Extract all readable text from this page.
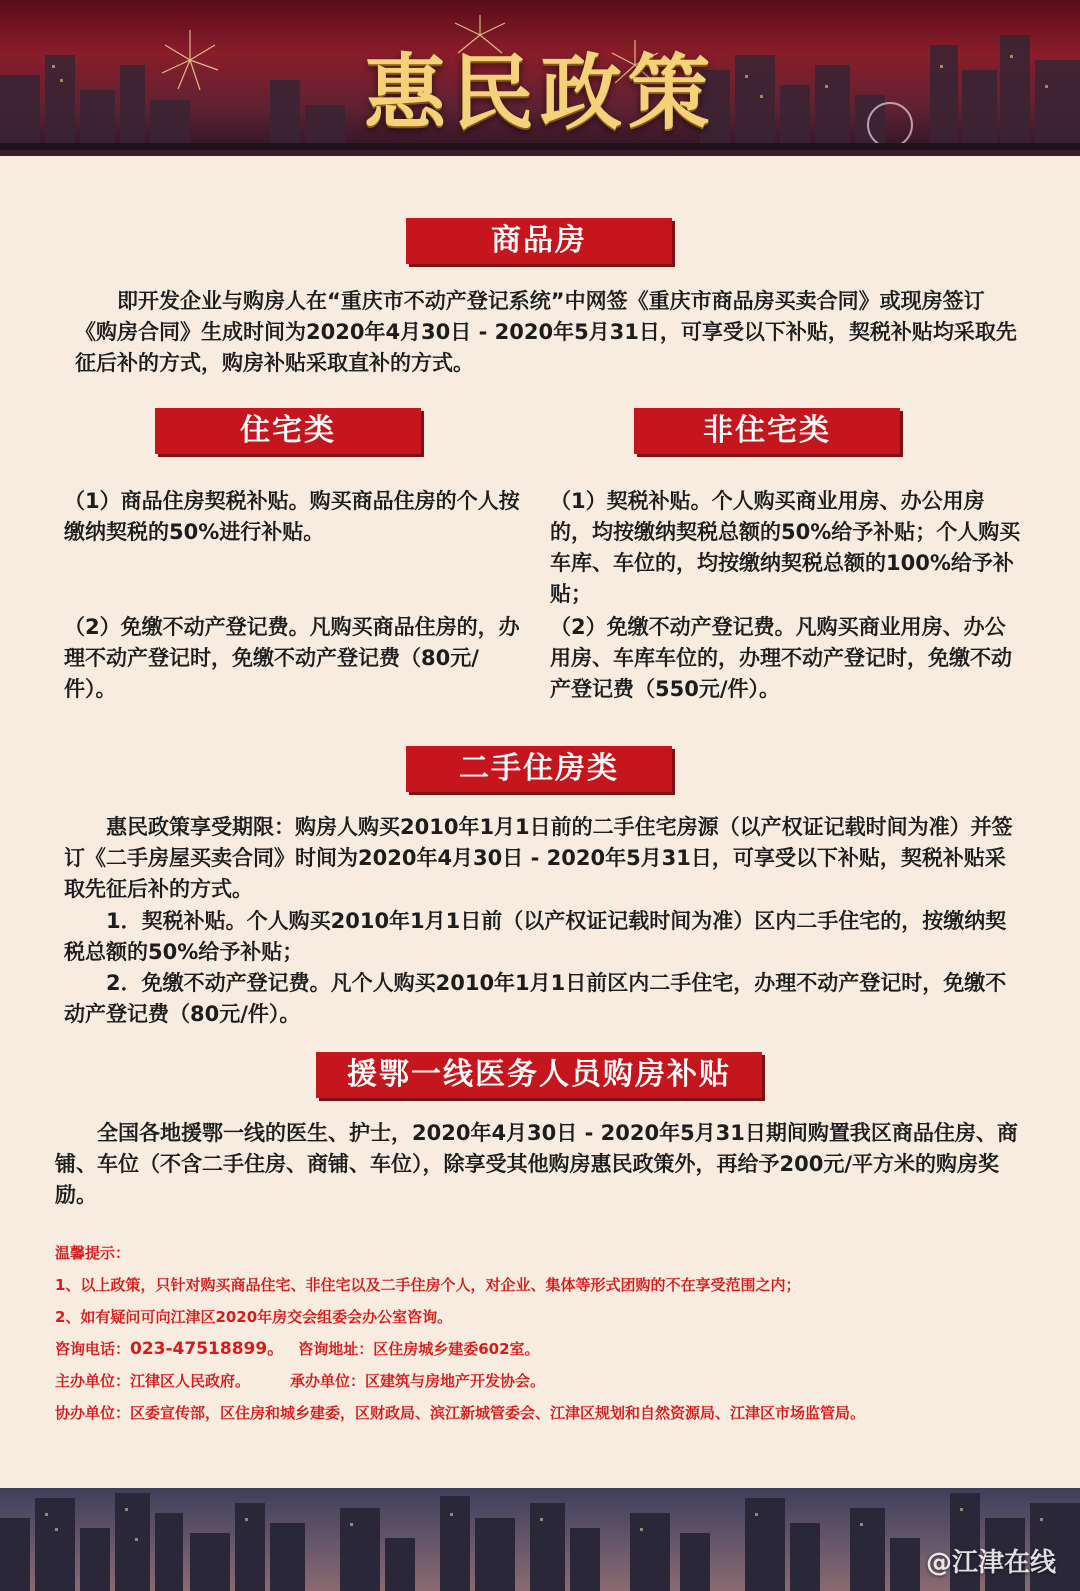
惠民政策
商品房
即开发企业与购房人在“重庆市不动产登记系统”中网签《重庆市商品房买卖合同》或现房签订《购房合同》生成时间为2020年4月30日 - 2020年5月31日，可享受以下补贴，契税补贴均采取先征后补的方式，购房补贴采取直补的方式。
住宅类	非住宅类
（1）商品住房契税补贴。购买商品住房的个人按缴纳契税的50%进行补贴。
（2）免缴不动产登记费。凡购买商品住房的，办理不动产登记时，免缴不动产登记费（80元/件）。
（1）契税补贴。个人购买商业用房、办公用房的，均按缴纳契税总额的50%给予补贴；个人购买车库、车位的，均按缴纳契税总额的100%给予补贴；
（2）免缴不动产登记费。凡购买商业用房、办公用房、车库车位的，办理不动产登记时，免缴不动产登记费（550元/件）。
二手住房类
惠民政策享受期限：购房人购买2010年1月1日前的二手住宅房源（以产权证记载时间为准）并签订《二手房屋买卖合同》时间为2020年4月30日 - 2020年5月31日，可享受以下补贴，契税补贴采取先征后补的方式。
1．契税补贴。个人购买2010年1月1日前（以产权证记载时间为准）区内二手住宅的，按缴纳契税总额的50%给予补贴；
2．免缴不动产登记费。凡个人购买2010年1月1日前区内二手住宅，办理不动产登记时，免缴不动产登记费（80元/件）。
援鄂一线医务人员购房补贴
全国各地援鄂一线的医生、护士，2020年4月30日 - 2020年5月31日期间购置我区商品住房、商铺、车位（不含二手住房、商铺、车位），除享受其他购房惠民政策外，再给予200元/平方米的购房奖励。
温馨提示：
1、以上政策，只针对购买商品住宅、非住宅以及二手住房个人，对企业、集体等形式团购的不在享受范围之内；
2、如有疑问可向江津区2020年房交会组委会办公室咨询。
咨询电话：023-47518899。 咨询地址：区住房城乡建委602室。
主办单位：江律区人民政府。	承办单位：区建筑与房地产开发协会。
协办单位：区委宣传部，区住房和城乡建委，区财政局、滨江新城管委会、江津区规划和自然资源局、江津区市场监管局。
@江津在线
